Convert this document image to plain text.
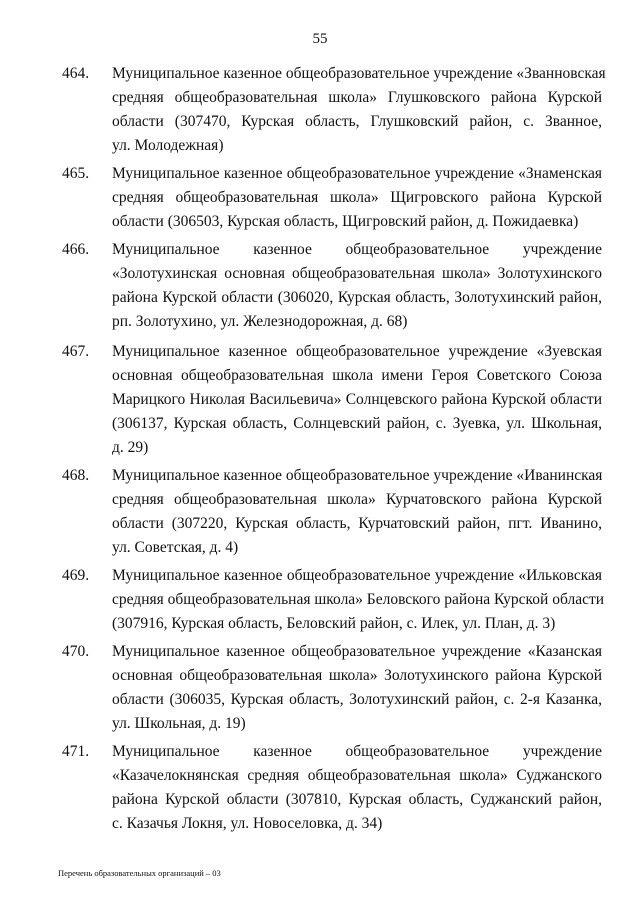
55
464. Муниципальное казенное общеобразовательное учреждение «Званновская
средняя общеобразовательная школа» Глушковского района Курской
области (307470, Курская область, Глушковский район, с. Званное,
ул. Молодежная)
465. Муниципальное казенное общеобразовательное учреждение «Знаменская
средняя общеобразовательная школа» Щигровского района Курской
области (306503, Курская область, Щигровский район, д. Пожидаевка)
466. Муниципальное казенное общеобразовательное учреждение
«Золотухинская основная общеобразовательная школа» Золотухинского
района Курской области (306020, Курская область, Золотухинский район,
рп. Золотухино, ул. Железнодорожная, д. 68)
467. Муниципальное казенное общеобразовательное учреждение «Зуевская
основная общеобразовательная школа имени Героя Советского Союза
Марицкого Николая Васильевича» Солнцевского района Курской области
(306137, Курская область, Солнцевский район, с. Зуевка, ул. Школьная,
д. 29)
468. Муниципальное казенное общеобразовательное учреждение «Иванинская
средняя общеобразовательная школа» Курчатовского района Курской
области (307220, Курская область, Курчатовский район, пгт. Иванино,
ул. Советская, д. 4)
469. Муниципальное казенное общеобразовательное учреждение «Ильковская
средняя общеобразовательная школа» Беловского района Курской области
(307916, Курская область, Беловский район, с. Илек, ул. План, д. 3)
470. Муниципальное казенное общеобразовательное учреждение «Казанская
основная общеобразовательная школа» Золотухинского района Курской
области (306035, Курская область, Золотухинский район, с. 2-я Казанка,
ул. Школьная, д. 19)
471. Муниципальное казенное общеобразовательное учреждение
«Казачелокнянская средняя общеобразовательная школа» Суджанского
района Курской области (307810, Курская область, Суджанский район,
с. Казачья Локня, ул. Новоселовка, д. 34)
Перечень образовательных организаций – 03
